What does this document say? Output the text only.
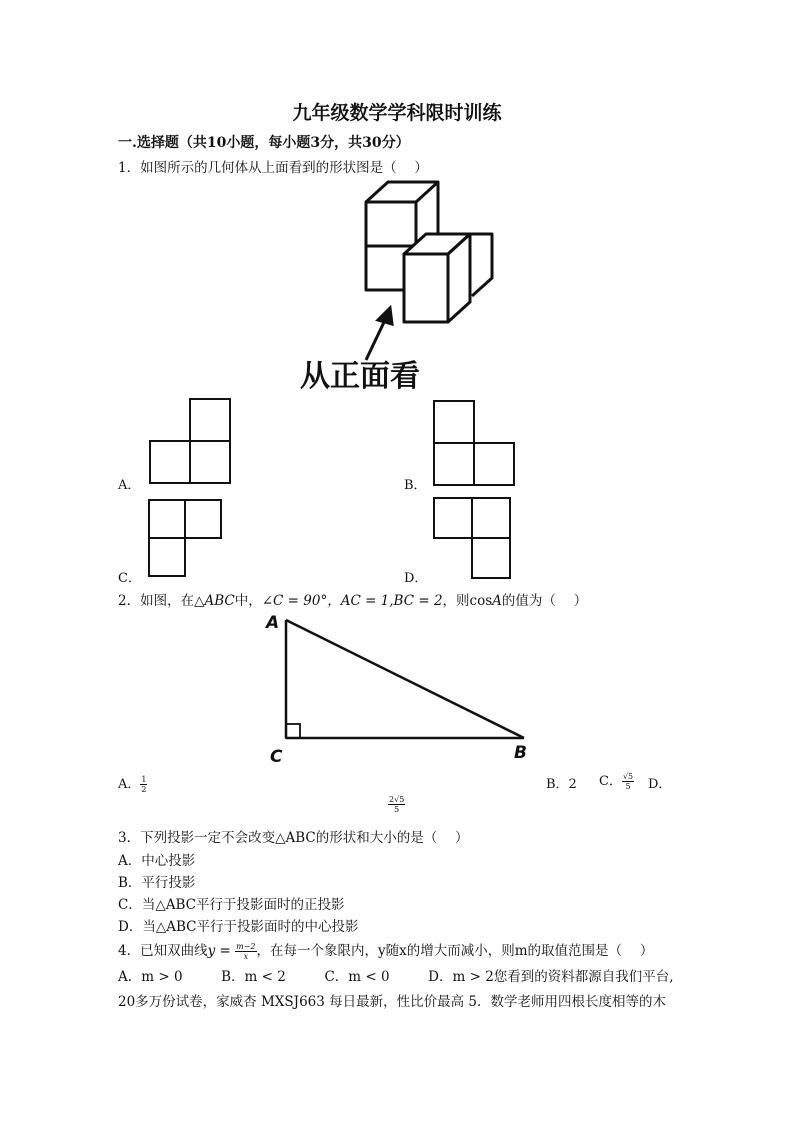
九年级数学学科限时训练
一.选择题（共10小题，每小题3分，共30分）
1．如图所示的几何体从上面看到的形状图是（　 ）
从正面看
A．	B．
C．	D．
2．如图，在△ABC中，∠C = 90°，AC = 1,BC = 2，则cosA的值为（　 ）
A
C	B
A． $\frac{1}{2}$	B．2 C． $\frac{√5}{5}$ D．
$\frac{2√5}{5}$
3．下列投影一定不会改变△ABC的形状和大小的是（　 ）
A．中心投影
B．平行投影
C．当△ABC平行于投影面时的正投影
D．当△ABC平行于投影面时的中心投影
4．已知双曲线$y = \frac{m-2}{x}$ ，在每一个象限内，y随x的增大而减小，则m的取值范围是（　 ）
A．m > 0	B．m < 2	C．m < 0	D．m > 2您看到的资料都源自我们平台,
20多万份试卷，家威杏 MXSJ663 每日最新，性比价最高 5．数学老师用四根长度相等的木
